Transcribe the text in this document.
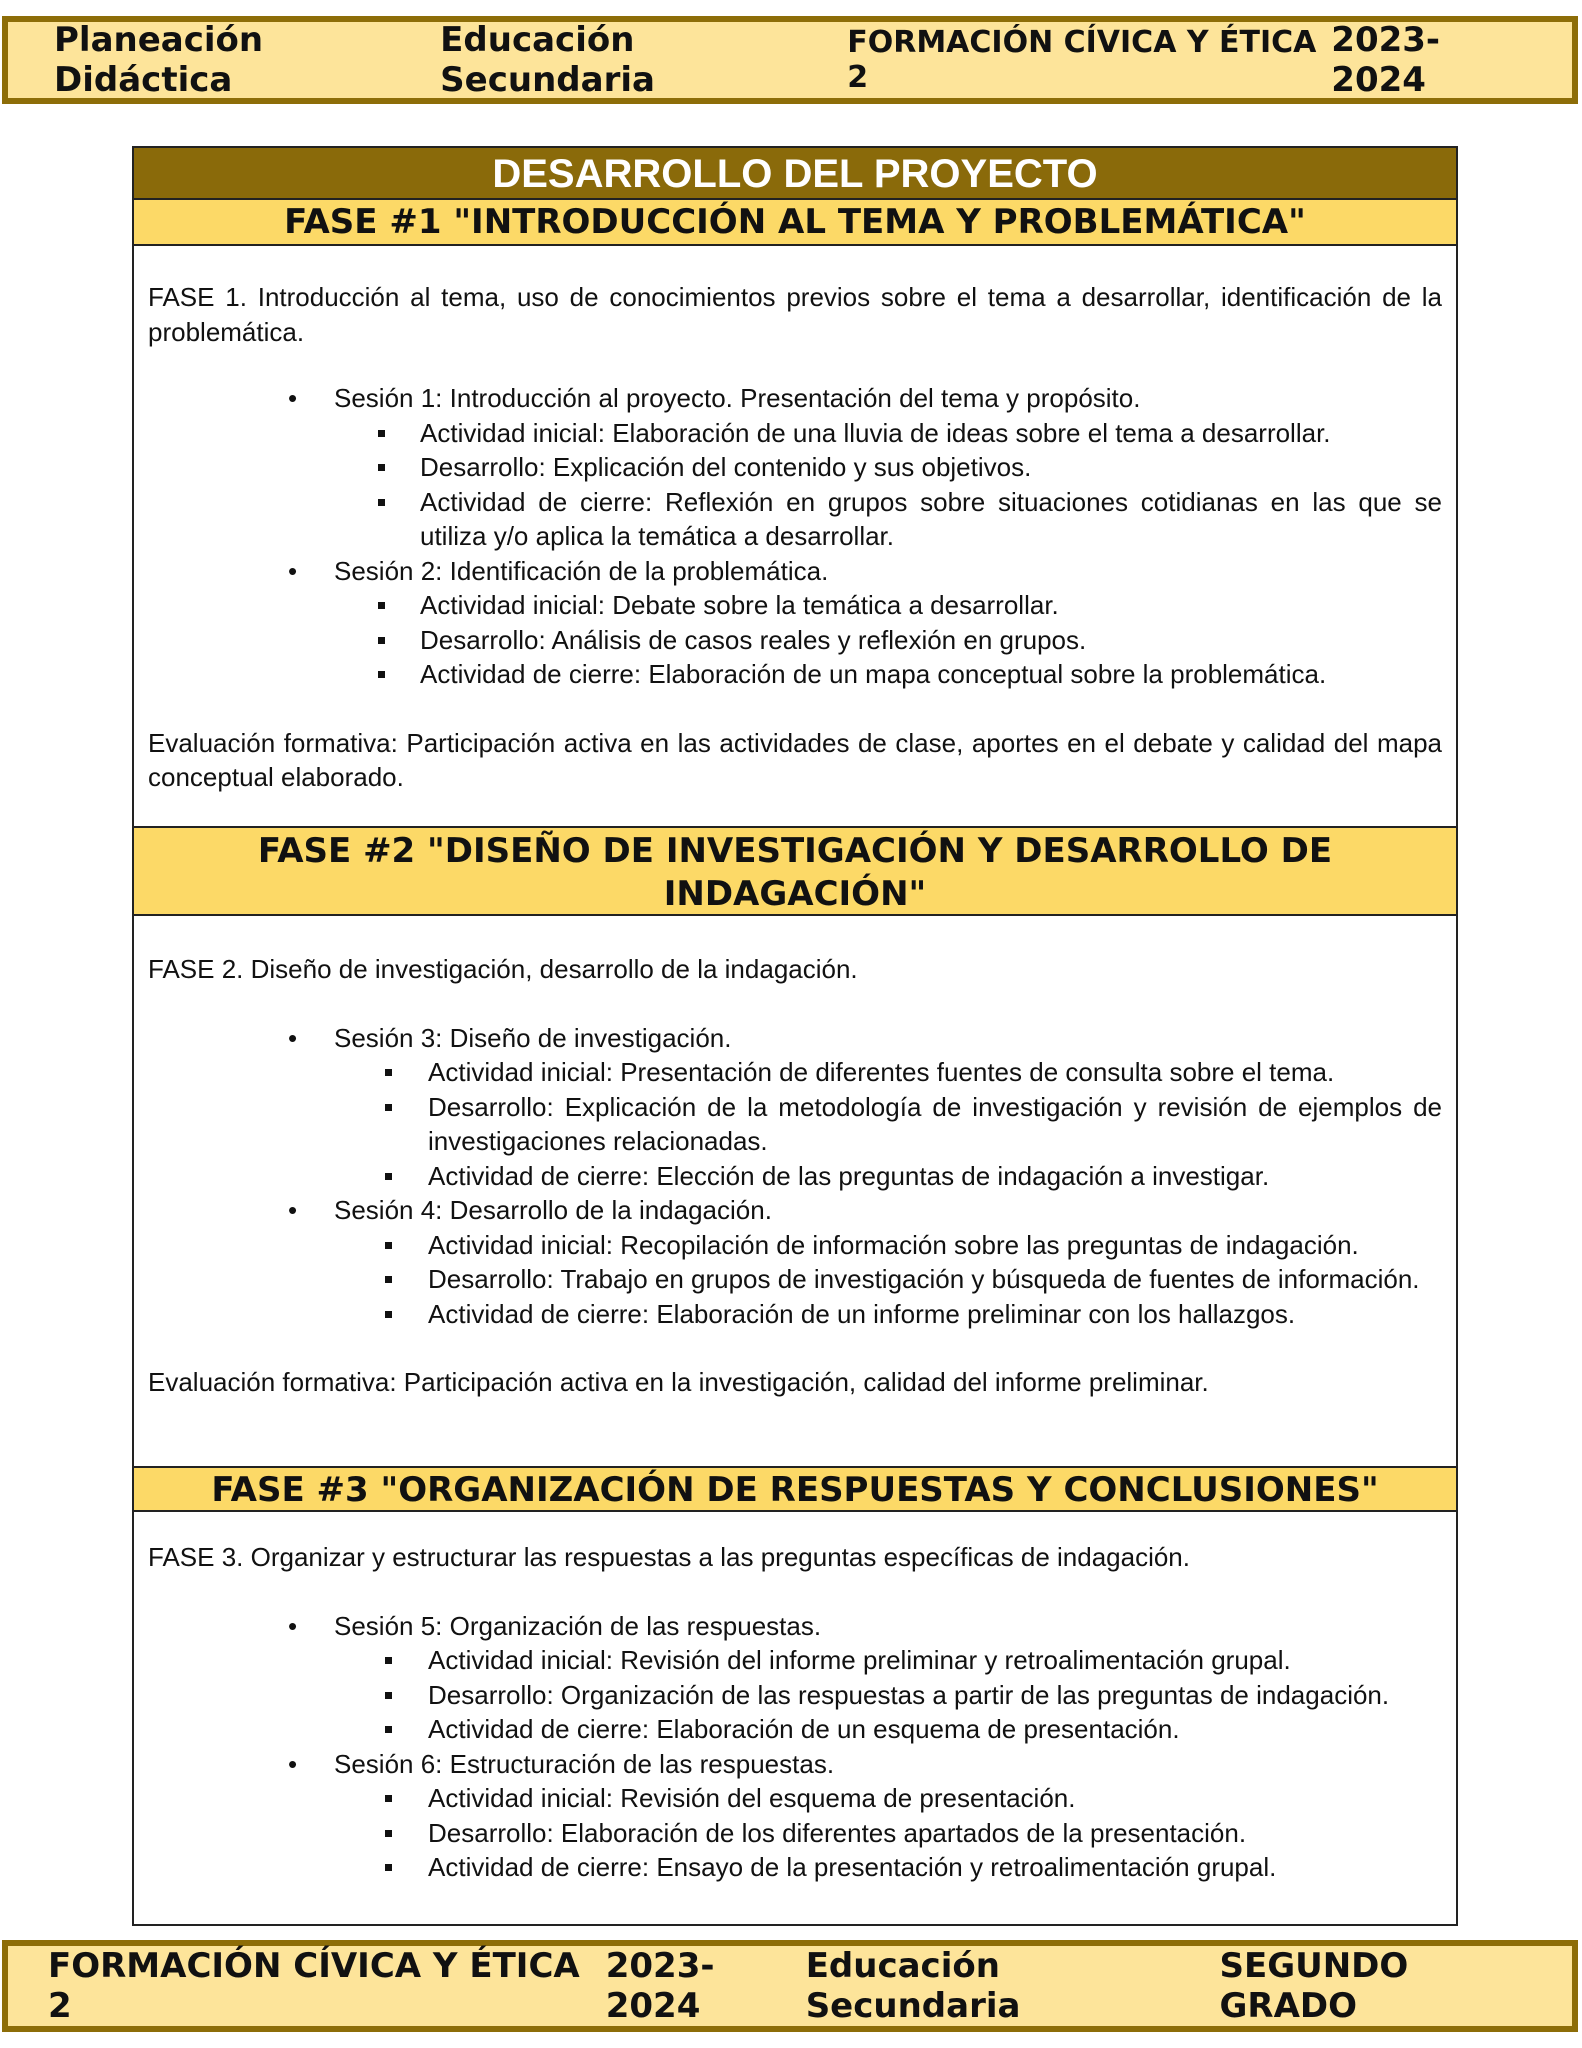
Planeación Didáctica
Educación Secundaria
FORMACIÓN CÍVICA Y ÉTICA 2
2023-2024
DESARROLLO DEL PROYECTO
FASE #1 "INTRODUCCIÓN AL TEMA Y PROBLEMÁTICA"

FASE 1. Introducción al tema, uso de conocimientos previos sobre el tema a desarrollar, identificación de la problemática.

• Sesión 1: Introducción al proyecto. Presentación del tema y propósito.
Actividad inicial: Elaboración de una lluvia de ideas sobre el tema a desarrollar.
Desarrollo: Explicación del contenido y sus objetivos.
Actividad de cierre: Reflexión en grupos sobre situaciones cotidianas en las que se utiliza y/o aplica la temática a desarrollar.
• Sesión 2: Identificación de la problemática.
Actividad inicial: Debate sobre la temática a desarrollar.
Desarrollo: Análisis de casos reales y reflexión en grupos.
Actividad de cierre: Elaboración de un mapa conceptual sobre la problemática.

Evaluación formativa: Participación activa en las actividades de clase, aportes en el debate y calidad del mapa conceptual elaborado.

FASE #2 "DISEÑO DE INVESTIGACIÓN Y DESARROLLO DE
INDAGACIÓN"

FASE 2. Diseño de investigación, desarrollo de la indagación.

• Sesión 3: Diseño de investigación.
Actividad inicial: Presentación de diferentes fuentes de consulta sobre el tema.
Desarrollo: Explicación de la metodología de investigación y revisión de ejemplos de investigaciones relacionadas.
Actividad de cierre: Elección de las preguntas de indagación a investigar.
• Sesión 4: Desarrollo de la indagación.
Actividad inicial: Recopilación de información sobre las preguntas de indagación.
Desarrollo: Trabajo en grupos de investigación y búsqueda de fuentes de información.
Actividad de cierre: Elaboración de un informe preliminar con los hallazgos.

Evaluación formativa: Participación activa en la investigación, calidad del informe preliminar.

FASE #3 "ORGANIZACIÓN DE RESPUESTAS Y CONCLUSIONES"

FASE 3. Organizar y estructurar las respuestas a las preguntas específicas de indagación.

• Sesión 5: Organización de las respuestas.
Actividad inicial: Revisión del informe preliminar y retroalimentación grupal.
Desarrollo: Organización de las respuestas a partir de las preguntas de indagación.
Actividad de cierre: Elaboración de un esquema de presentación.
• Sesión 6: Estructuración de las respuestas.
Actividad inicial: Revisión del esquema de presentación.
Desarrollo: Elaboración de los diferentes apartados de la presentación.
Actividad de cierre: Ensayo de la presentación y retroalimentación grupal.
FORMACIÓN CÍVICA Y ÉTICA 2
2023-2024
Educación Secundaria
SEGUNDO GRADO
